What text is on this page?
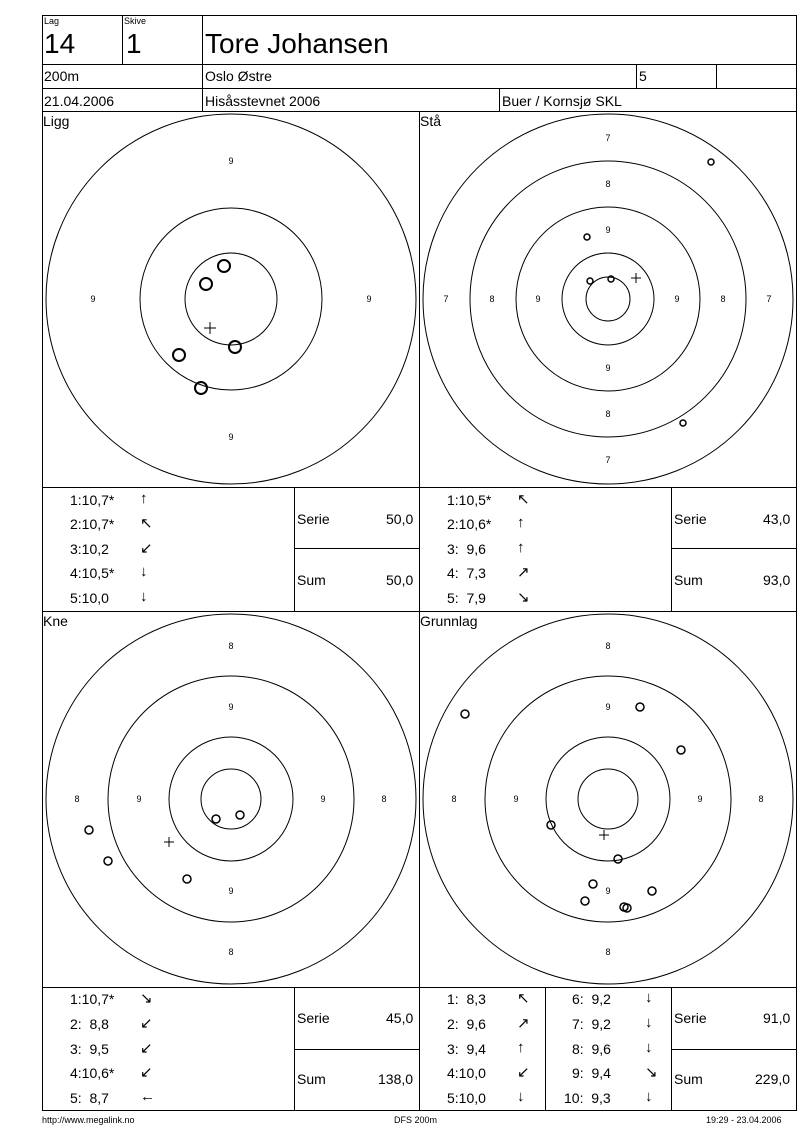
Lag
14
Skive
1 Tore Johansen
200m	Oslo Østre	5
21.04.2006	Hisåsstevnet 2006	Buer / Kornsjø SKL
Ligg	Stå
Kne	Grunnlag
9
9
9	9
7
8
9
9
8
7
7	8	9	9	8	7
8
9
9
8
8	9	9	8
8
9
9
8
8	9	9	8
1:10,7* ↑
2:10,7* ↖
3:10,2 ↙
4:10,5* ↓
5:10,0 ↓
Serie	50,0
Sum	50,0
1:10,5* ↖
2:10,6* ↑
3:  9,6 ↑
4:  7,3 ↗
5:  7,9 ↘
Serie	43,0
Sum	93,0
1:10,7* ↘
2:  8,8 ↙
3:  9,5 ↙
4:10,6* ↙
5:  8,7 ←
Serie	45,0
Sum	138,0
1:  8,3 ↖
2:  9,6 ↗
3:  9,4 ↑
4:10,0 ↙
5:10,0 ↓
6:  9,2 ↓
7:  9,2 ↓
8:  9,6 ↓
9:  9,4 ↘
10:  9,3 ↓
Serie	91,0
Sum	229,0
http://www.megalink.no	DFS 200m	19:29 - 23.04.2006
